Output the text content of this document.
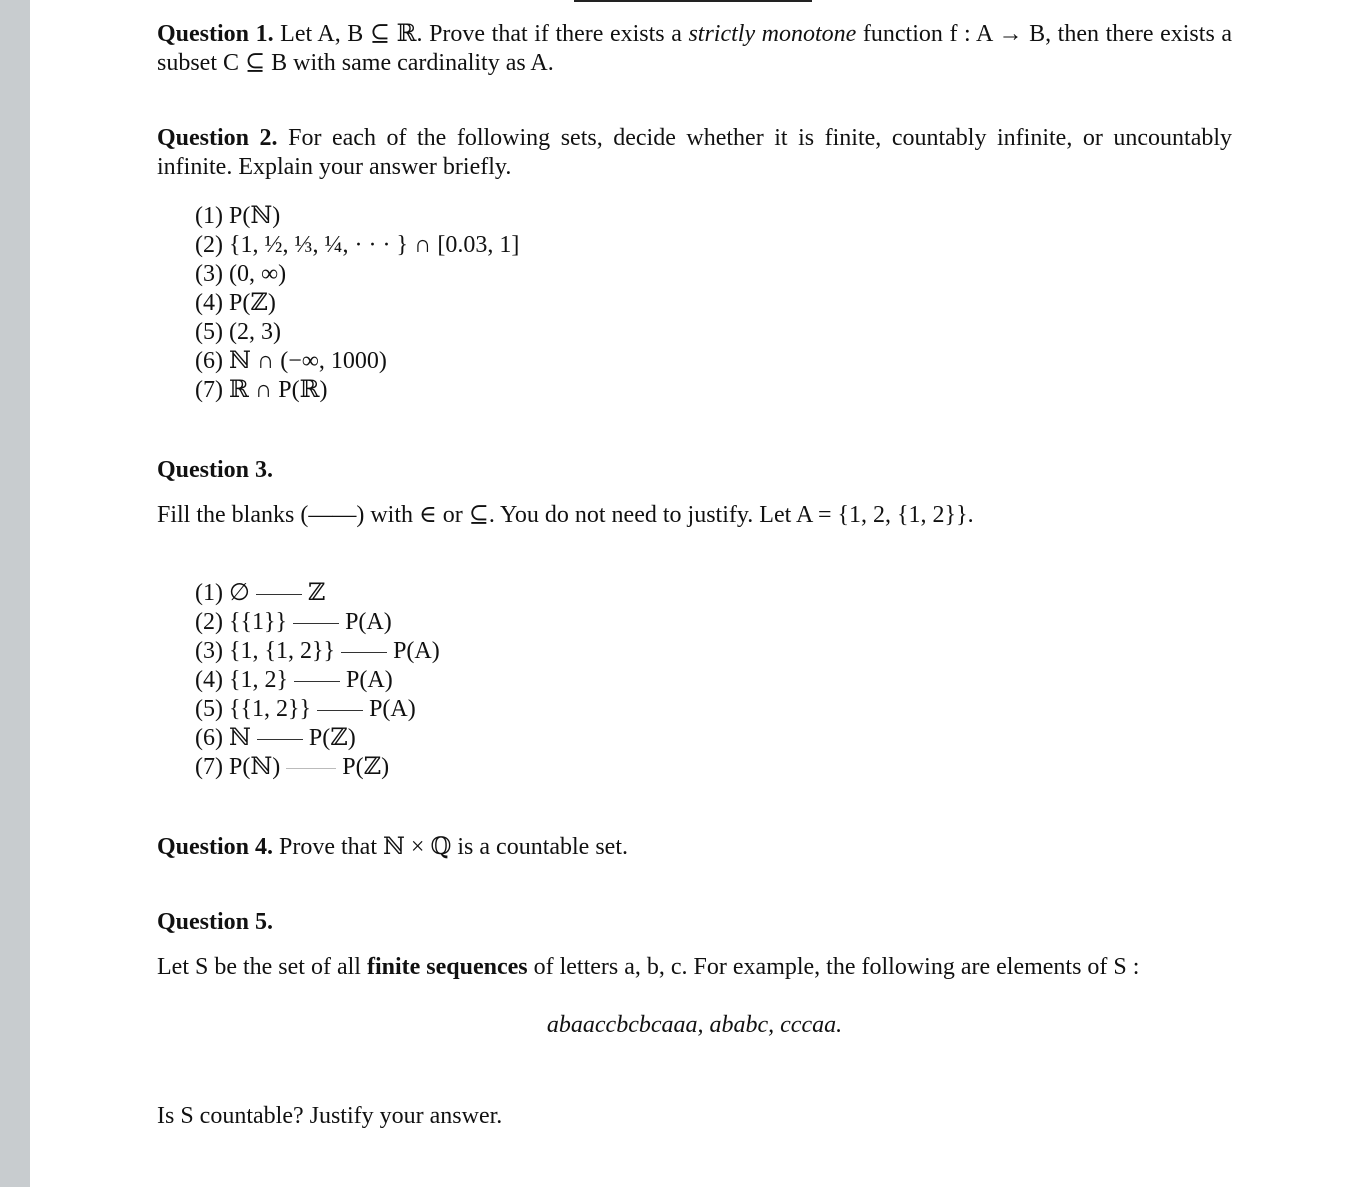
Question 1. Let A, B ⊆ ℝ. Prove that if there exists a strictly monotone function f : A → B, then there exists a subset C ⊆ B with same cardinality as A.
Question 2. For each of the following sets, decide whether it is finite, countably infinite, or uncountably infinite. Explain your answer briefly.
(1) P(ℕ)
(2) {1, ½, ⅓, ¼, · · · } ∩ [0.03, 1]
(3) (0, ∞)
(4) P(ℤ)
(5) (2, 3)
(6) ℕ ∩ (−∞, 1000)
(7) ℝ ∩ P(ℝ)
Question 3.
Fill the blanks (——) with ∈ or ⊆. You do not need to justify. Let A = {1, 2, {1, 2}}.
(1) ∅ ℤ
(2) {{1}} P(A)
(3) {1, {1, 2}} P(A)
(4) {1, 2} P(A)
(5) {{1, 2}} P(A)
(6) ℕ P(ℤ)
(7) P(ℕ)	P(ℤ)
Question 4. Prove that ℕ × ℚ is a countable set.
Question 5.
Let S be the set of all finite sequences of letters a, b, c. For example, the following are elements of S :
abaaccbcbcaaa, ababc, cccaa.
Is S countable? Justify your answer.
